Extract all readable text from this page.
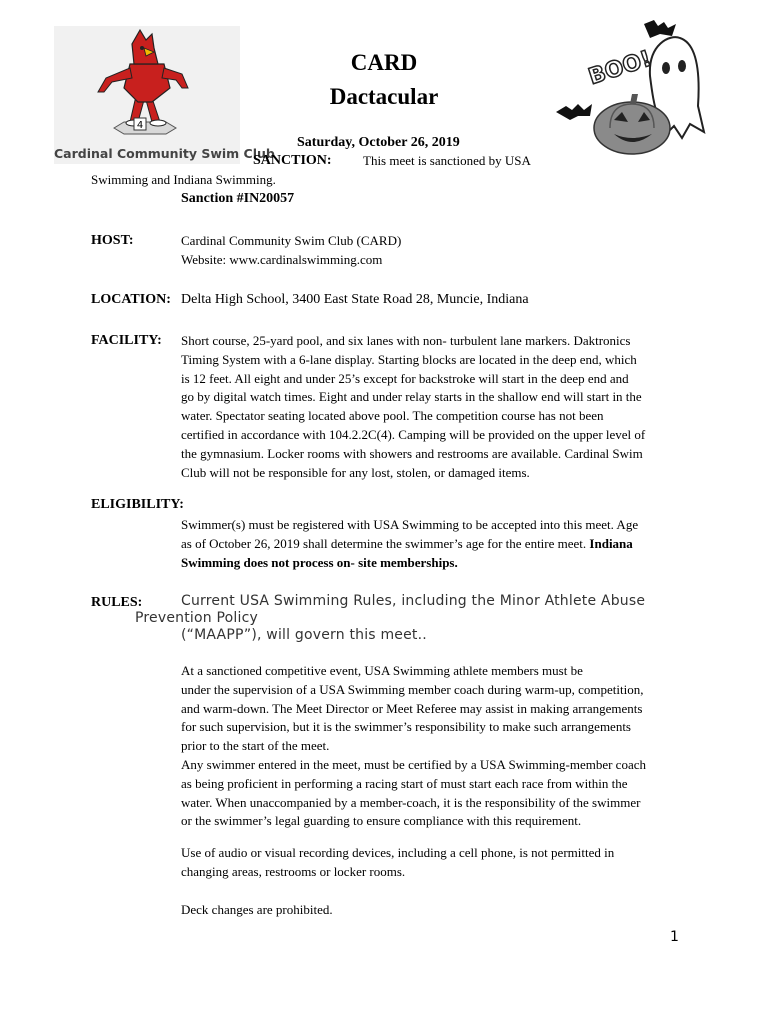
4
Cardinal Community Swim Club
CARD
Dactacular
BOO!
Saturday, October 26, 2019
SANCTION: This meet is sanctioned by USA
Swimming and Indiana Swimming.
Sanction #IN20057
HOST:	Cardinal Community Swim Club (CARD)
Website: www.cardinalswimming.com
LOCATION: Delta High School, 3400 East State Road 28, Muncie, Indiana
FACILITY: Short course, 25-yard pool, and six lanes with non- turbulent lane markers. Daktronics
Timing System with a 6-lane display. Starting blocks are located in the deep end, which
is 12 feet. All eight and under 25’s except for backstroke will start in the deep end and
go by digital watch times. Eight and under relay starts in the shallow end will start in the
water. Spectator seating located above pool. The competition course has not been
certified in accordance with 104.2.2C(4). Camping will be provided on the upper level of
the gymnasium. Locker rooms with showers and restrooms are available. Cardinal Swim
Club will not be responsible for any lost, stolen, or damaged items.
ELIGIBILITY:
Swimmer(s) must be registered with USA Swimming to be accepted into this meet. Age
as of October 26, 2019 shall determine the swimmer’s age for the entire meet. Indiana
Swimming does not process on- site memberships.
RULES:	Current USA Swimming Rules, including the Minor Athlete Abuse
Prevention Policy
(“MAAPP”), will govern this meet..
At a sanctioned competitive event, USA Swimming athlete members must be
under the supervision of a USA Swimming member coach during warm-up, competition,
and warm-down. The Meet Director or Meet Referee may assist in making arrangements
for such supervision, but it is the swimmer’s responsibility to make such arrangements
prior to the start of the meet.
Any swimmer entered in the meet, must be certified by a USA Swimming-member coach
as being proficient in performing a racing start of must start each race from within the
water. When unaccompanied by a member-coach, it is the responsibility of the swimmer
or the swimmer’s legal guarding to ensure compliance with this requirement.
Use of audio or visual recording devices, including a cell phone, is not permitted in
changing areas, restrooms or locker rooms.
Deck changes are prohibited.
1
